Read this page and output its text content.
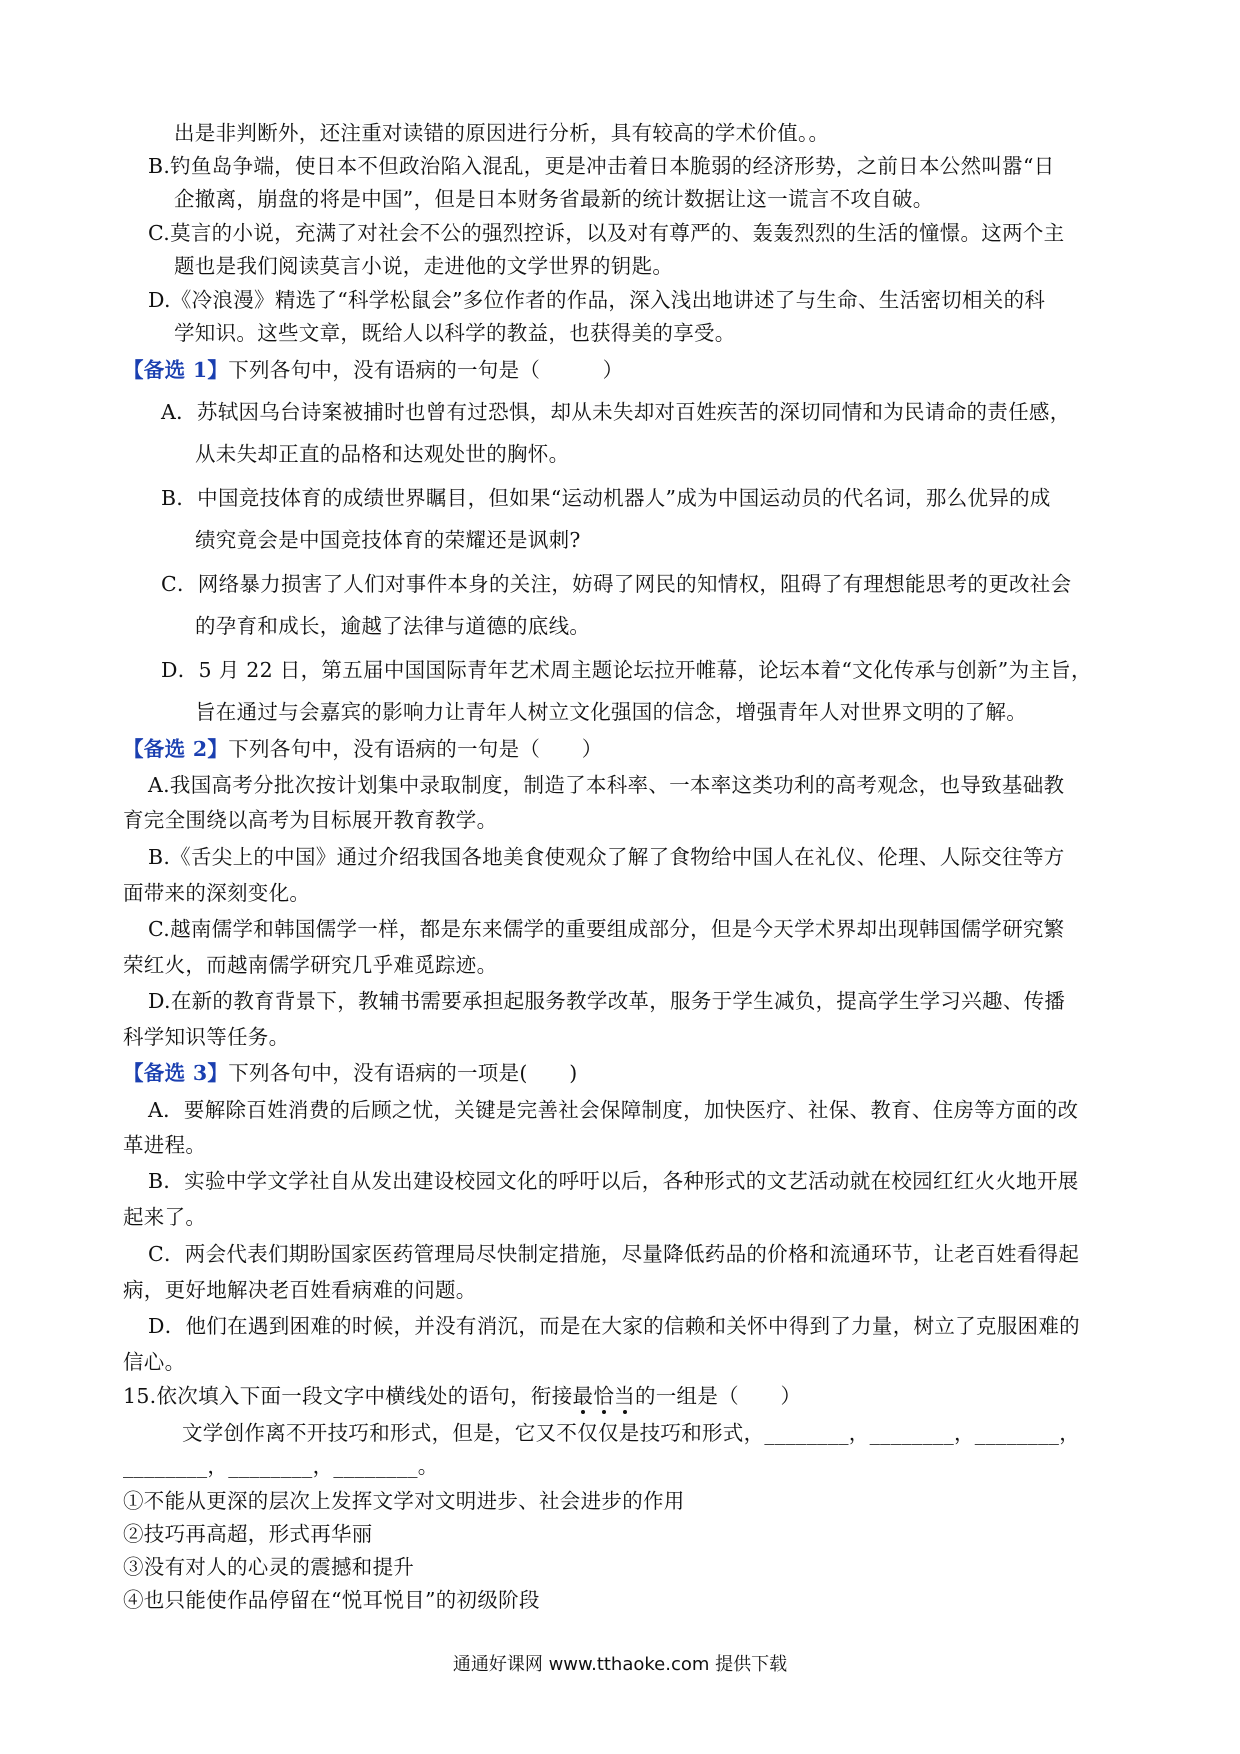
出是非判断外，还注重对读错的原因进行分析，具有较高的学术价值。。
B.钓鱼岛争端，使日本不但政治陷入混乱，更是冲击着日本脆弱的经济形势，之前日本公然叫嚣“日
企撤离，崩盘的将是中国”，但是日本财务省最新的统计数据让这一谎言不攻自破。
C.莫言的小说，充满了对社会不公的强烈控诉，以及对有尊严的、轰轰烈烈的生活的憧憬。这两个主
题也是我们阅读莫言小说，走进他的文学世界的钥匙。
D.《冷浪漫》精选了“科学松鼠会”多位作者的作品，深入浅出地讲述了与生命、生活密切相关的科
学知识。这些文章，既给人以科学的教益，也获得美的享受。
【备选 1】下列各句中，没有语病的一句是（　　　）
A．苏轼因乌台诗案被捕时也曾有过恐惧，却从未失却对百姓疾苦的深切同情和为民请命的责任感，
从未失却正直的品格和达观处世的胸怀。
B．中国竞技体育的成绩世界瞩目，但如果“运动机器人”成为中国运动员的代名词，那么优异的成
绩究竟会是中国竞技体育的荣耀还是讽刺?
C．网络暴力损害了人们对事件本身的关注，妨碍了网民的知情权，阻碍了有理想能思考的更改社会
的孕育和成长，逾越了法律与道德的底线。
D．5 月 22 日，第五届中国国际青年艺术周主题论坛拉开帷幕，论坛本着“文化传承与创新”为主旨，
旨在通过与会嘉宾的影响力让青年人树立文化强国的信念，增强青年人对世界文明的了解。
【备选 2】下列各句中，没有语病的一句是（　　）
A.我国高考分批次按计划集中录取制度，制造了本科率、一本率这类功利的高考观念，也导致基础教
育完全围绕以高考为目标展开教育教学。
B.《舌尖上的中国》通过介绍我国各地美食使观众了解了食物给中国人在礼仪、伦理、人际交往等方
面带来的深刻变化。
C.越南儒学和韩国儒学一样，都是东来儒学的重要组成部分，但是今天学术界却出现韩国儒学研究繁
荣红火，而越南儒学研究几乎难觅踪迹。
D.在新的教育背景下，教辅书需要承担起服务教学改革，服务于学生减负，提高学生学习兴趣、传播
科学知识等任务。
【备选 3】下列各句中，没有语病的一项是(　　)
A．要解除百姓消费的后顾之忧，关键是完善社会保障制度，加快医疗、社保、教育、住房等方面的改
革进程。
B．实验中学文学社自从发出建设校园文化的呼吁以后，各种形式的文艺活动就在校园红红火火地开展
起来了。
C．两会代表们期盼国家医药管理局尽快制定措施，尽量降低药品的价格和流通环节，让老百姓看得起
病，更好地解决老百姓看病难的问题。
D．他们在遇到困难的时候，并没有消沉，而是在大家的信赖和关怀中得到了力量，树立了克服困难的
信心。
15.依次填入下面一段文字中横线处的语句，衔接最恰当的一组是（　　）
文学创作离不开技巧和形式，但是，它又不仅仅是技巧和形式，________，________，________，
________，________，________。
①不能从更深的层次上发挥文学对文明进步、社会进步的作用
②技巧再高超，形式再华丽
③没有对人的心灵的震撼和提升
④也只能使作品停留在“悦耳悦目”的初级阶段
通通好课网 www.tthaoke.com 提供下载
